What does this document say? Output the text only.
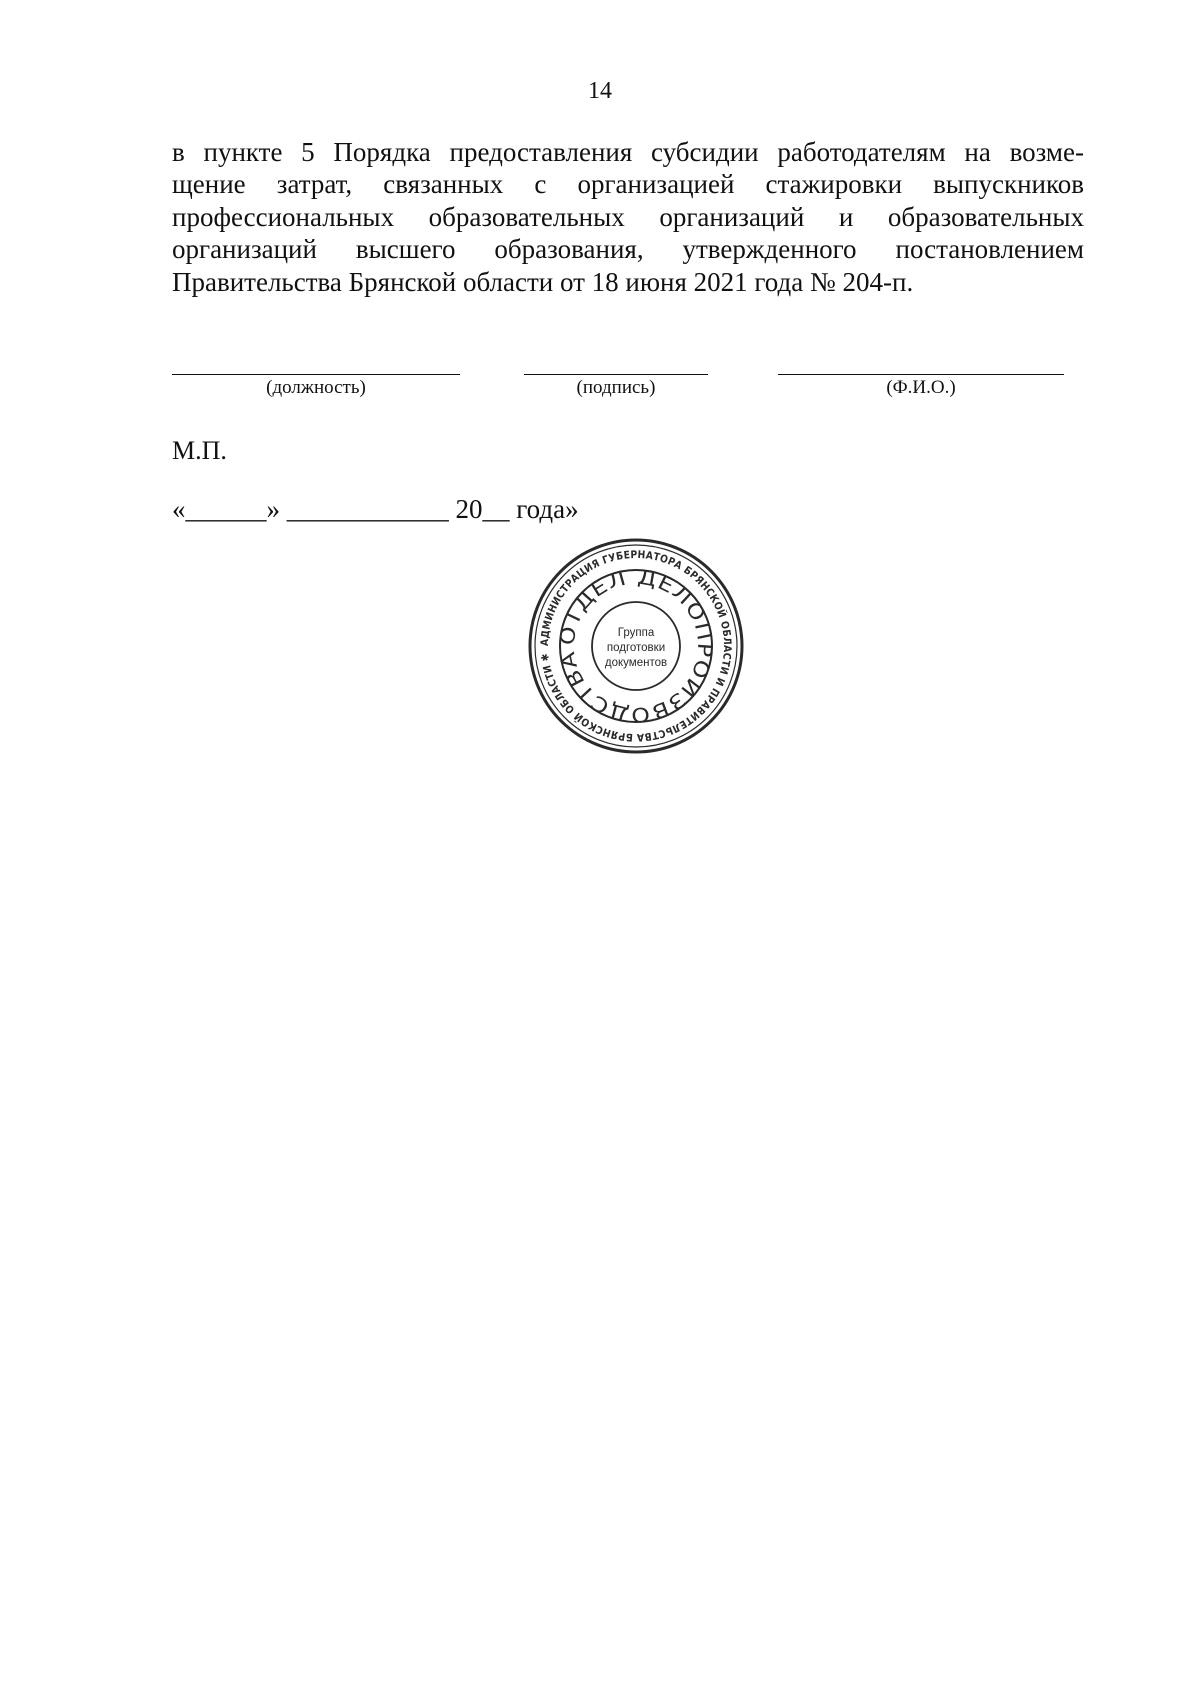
14

в пункте 5 Порядка предоставления субсидии работодателям на возме-
щение затрат, связанных с организацией стажировки выпускников
профессиональных образовательных организаций и образовательных
организаций высшего образования, утвержденного постановлением
Правительства Брянской области от 18 июня 2021 года № 204-п.

(должность)	(подпись)	(Ф.И.О.)
М.П.
«______» ____________ 20__ года»
АДМИНИСТРАЦИЯ ГУБЕРНАТОРА БРЯНСКОЙ ОБЛАСТИ И ПРАВИТЕЛЬСТВА БРЯНСКОЙ ОБЛАСТИ ✱
ОТДЕЛ ДЕЛОПРОИЗВОДСТВА
Группа
подготовки
документов
